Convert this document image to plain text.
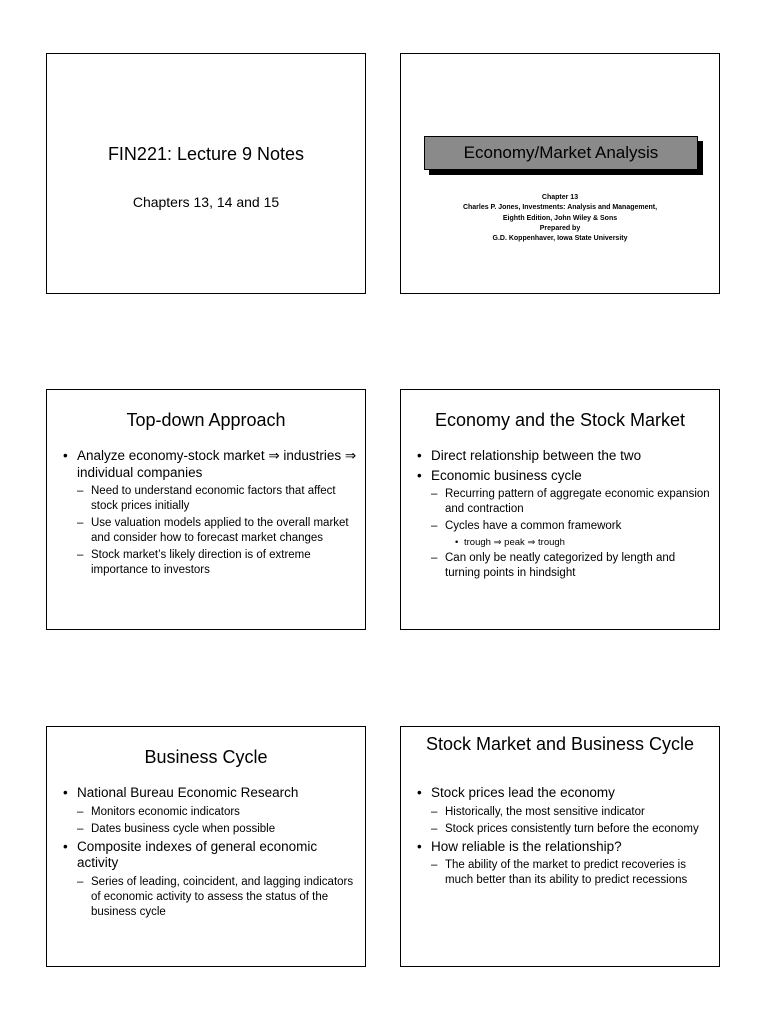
FIN221: Lecture 9 Notes
Chapters 13, 14 and 15
Economy/Market Analysis
Chapter 13
Charles P. Jones, Investments: Analysis and Management,
Eighth Edition, John Wiley & Sons
Prepared by
G.D. Koppenhaver, Iowa State University
Top-down Approach
• Analyze economy-stock market ⇒ industries ⇒ individual companies
– Need to understand economic factors that affect stock prices initially
– Use valuation models applied to the overall market and consider how to forecast market changes
– Stock market’s likely direction is of extreme importance to investors
Economy and the Stock Market
• Direct relationship between the two
• Economic business cycle
– Recurring pattern of aggregate economic expansion and contraction
– Cycles have a common framework
• trough ⇒ peak ⇒ trough
– Can only be neatly categorized by length and turning points in hindsight
Business Cycle
• National Bureau Economic Research
– Monitors economic indicators
– Dates business cycle when possible
• Composite indexes of general economic activity
– Series of leading, coincident, and lagging indicators of economic activity to assess the status of the business cycle
Stock Market and Business Cycle
• Stock prices lead the economy
– Historically, the most sensitive indicator
– Stock prices consistently turn before the economy
• How reliable is the relationship?
– The ability of the market to predict recoveries is much better than its ability to predict recessions
